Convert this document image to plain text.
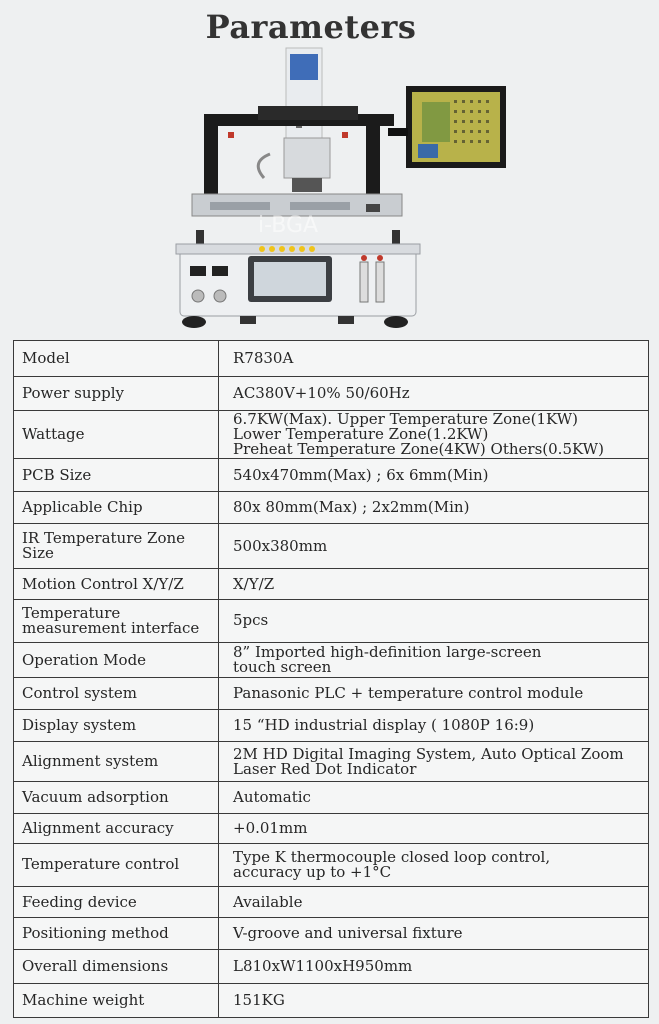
Parameters
i-BGA
Model	R7830A
Power supply	AC380V+10% 50/60Hz
Wattage	6.7KW(Max). Upper Temperature Zone(1KW)
Lower Temperature Zone(1.2KW)
Preheat Temperature Zone(4KW) Others(0.5KW)
PCB Size	540x470mm(Max) ; 6x 6mm(Min)
Applicable Chip	80x 80mm(Max) ; 2x2mm(Min)
IR Temperature Zone
Size	500x380mm
Motion Control X/Y/Z	X/Y/Z
Temperature
measurement interface	5pcs
Operation Mode	8” Imported high-definition large-screen
touch screen
Control system	Panasonic PLC + temperature control module
Display system	15 “HD industrial display ( 1080P 16:9)
Alignment system	2M HD Digital Imaging System, Auto Optical Zoom
Laser Red Dot Indicator
Vacuum adsorption	Automatic
Alignment accuracy	+0.01mm
Temperature control	Type K thermocouple closed loop control,
accuracy up to +1°C
Feeding device	Available
Positioning method	V-groove and universal fixture
Overall dimensions	L810xW1100xH950mm
Machine weight	151KG
